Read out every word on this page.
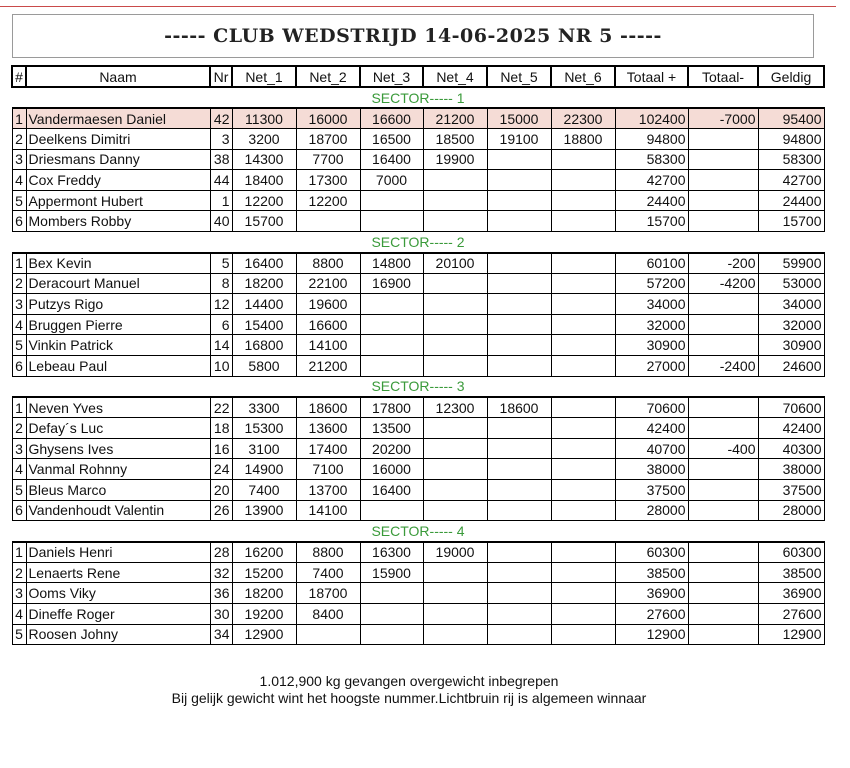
----- CLUB WEDSTRIJD 14-06-2025 NR 5 -----
#	Naam	Nr	Net_1	Net_2	Net_3	Net_4	Net_5	Net_6	Totaal +	Totaal-	Geldig
SECTOR----- 1											
1	Vandermaesen Daniel	42	11300	16000	16600	21200	15000	22300	102400	-7000	95400
2	Deelkens Dimitri	3	3200	18700	16500	18500	19100	18800	94800		94800
3	Driesmans Danny	38	14300	7700	16400	19900			58300		58300
4	Cox Freddy	44	18400	17300	7000				42700		42700
5	Appermont Hubert	1	12200	12200					24400		24400
6	Mombers Robby	40	15700						15700		15700
SECTOR----- 2											
1	Bex Kevin	5	16400	8800	14800	20100			60100	-200	59900
2	Deracourt Manuel	8	18200	22100	16900				57200	-4200	53000
3	Putzys Rigo	12	14400	19600					34000		34000
4	Bruggen Pierre	6	15400	16600					32000		32000
5	Vinkin Patrick	14	16800	14100					30900		30900
6	Lebeau Paul	10	5800	21200					27000	-2400	24600
SECTOR----- 3											
1	Neven Yves	22	3300	18600	17800	12300	18600		70600		70600
2	Defay´s Luc	18	15300	13600	13500				42400		42400
3	Ghysens Ives	16	3100	17400	20200				40700	-400	40300
4	Vanmal Rohnny	24	14900	7100	16000				38000		38000
5	Bleus Marco	20	7400	13700	16400				37500		37500
6	Vandenhoudt Valentin	26	13900	14100					28000		28000
SECTOR----- 4											
1	Daniels Henri	28	16200	8800	16300	19000			60300		60300
2	Lenaerts Rene	32	15200	7400	15900				38500		38500
3	Ooms Viky	36	18200	18700					36900		36900
4	Dineffe Roger	30	19200	8400					27600		27600
5	Roosen Johny	34	12900						12900		12900
1.012,900 kg gevangen overgewicht inbegrepen
Bij gelijk gewicht wint het hoogste nummer.Lichtbruin rij is algemeen winnaar
